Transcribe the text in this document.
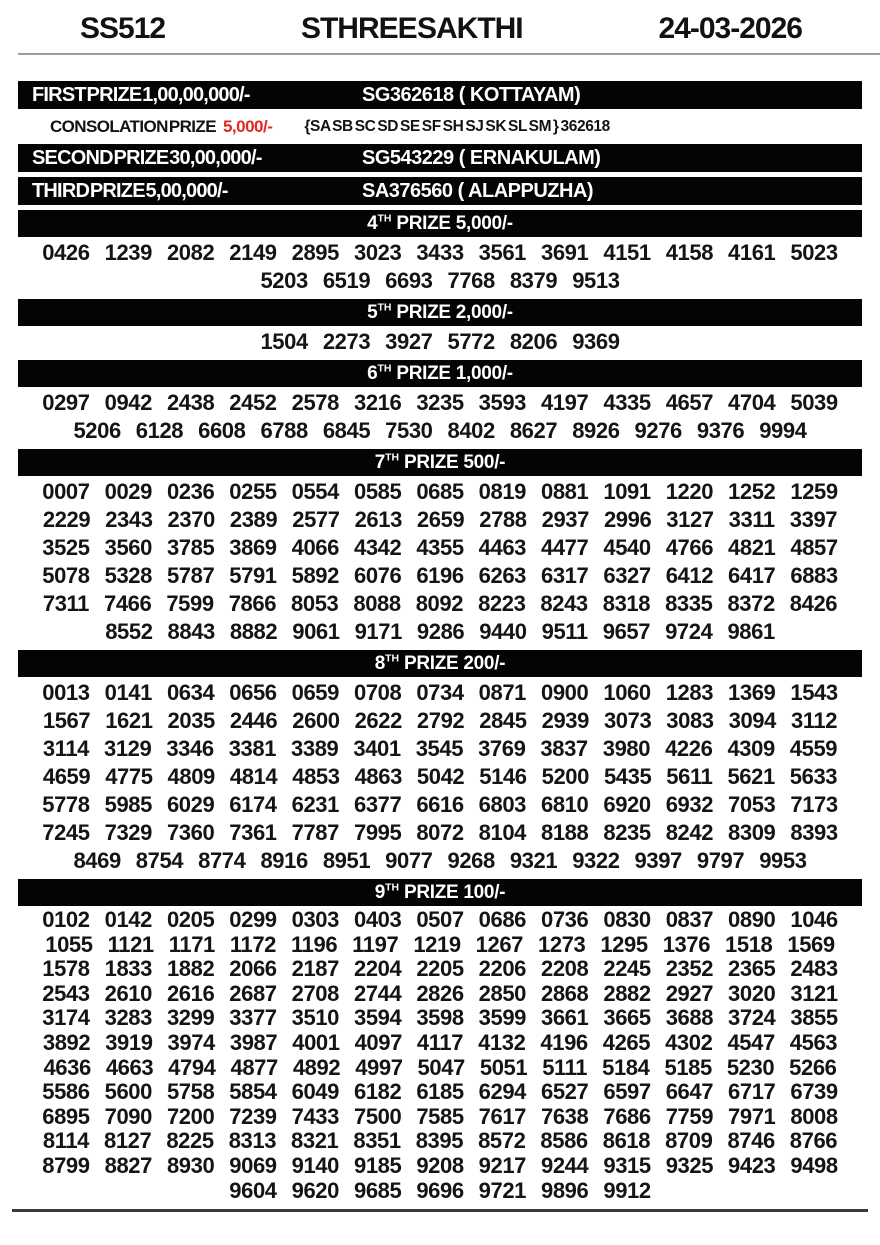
SS512	STHREE SAKTHI	24-03-2026
FIRST PRIZE 1,00,00,000/-	SG362618 ( KOTTAYAM)
CONSOLATION PRIZE 5,000/- {SA SB SC SD SE SF SH SJ SK SL SM } 362618
SECOND PRIZE 30,00,000/-	SG543229 ( ERNAKULAM)
THIRD PRIZE 5,00,000/-	SA376560 ( ALAPPUZHA)
4TH PRIZE 5,000/-
0426 1239 2082 2149 2895 3023 3433 3561 3691 4151 4158 4161 5023
5203 6519 6693 7768 8379 9513
5TH PRIZE 2,000/-
1504 2273 3927 5772 8206 9369
6TH PRIZE 1,000/-
0297 0942 2438 2452 2578 3216 3235 3593 4197 4335 4657 4704 5039
5206 6128 6608 6788 6845 7530 8402 8627 8926 9276 9376 9994
7TH PRIZE 500/-
0007 0029 0236 0255 0554 0585 0685 0819 0881 1091 1220 1252 1259
2229 2343 2370 2389 2577 2613 2659 2788 2937 2996 3127 3311 3397
3525 3560 3785 3869 4066 4342 4355 4463 4477 4540 4766 4821 4857
5078 5328 5787 5791 5892 6076 6196 6263 6317 6327 6412 6417 6883
7311 7466 7599 7866 8053 8088 8092 8223 8243 8318 8335 8372 8426
8552 8843 8882 9061 9171 9286 9440 9511 9657 9724 9861
8TH PRIZE 200/-
0013 0141 0634 0656 0659 0708 0734 0871 0900 1060 1283 1369 1543
1567 1621 2035 2446 2600 2622 2792 2845 2939 3073 3083 3094 3112
3114 3129 3346 3381 3389 3401 3545 3769 3837 3980 4226 4309 4559
4659 4775 4809 4814 4853 4863 5042 5146 5200 5435 5611 5621 5633
5778 5985 6029 6174 6231 6377 6616 6803 6810 6920 6932 7053 7173
7245 7329 7360 7361 7787 7995 8072 8104 8188 8235 8242 8309 8393
8469 8754 8774 8916 8951 9077 9268 9321 9322 9397 9797 9953
9TH PRIZE 100/-
0102 0142 0205 0299 0303 0403 0507 0686 0736 0830 0837 0890 1046
1055 1121 1171 1172 1196 1197 1219 1267 1273 1295 1376 1518 1569
1578 1833 1882 2066 2187 2204 2205 2206 2208 2245 2352 2365 2483
2543 2610 2616 2687 2708 2744 2826 2850 2868 2882 2927 3020 3121
3174 3283 3299 3377 3510 3594 3598 3599 3661 3665 3688 3724 3855
3892 3919 3974 3987 4001 4097 4117 4132 4196 4265 4302 4547 4563
4636 4663 4794 4877 4892 4997 5047 5051 5111 5184 5185 5230 5266
5586 5600 5758 5854 6049 6182 6185 6294 6527 6597 6647 6717 6739
6895 7090 7200 7239 7433 7500 7585 7617 7638 7686 7759 7971 8008
8114 8127 8225 8313 8321 8351 8395 8572 8586 8618 8709 8746 8766
8799 8827 8930 9069 9140 9185 9208 9217 9244 9315 9325 9423 9498
9604 9620 9685 9696 9721 9896 9912
